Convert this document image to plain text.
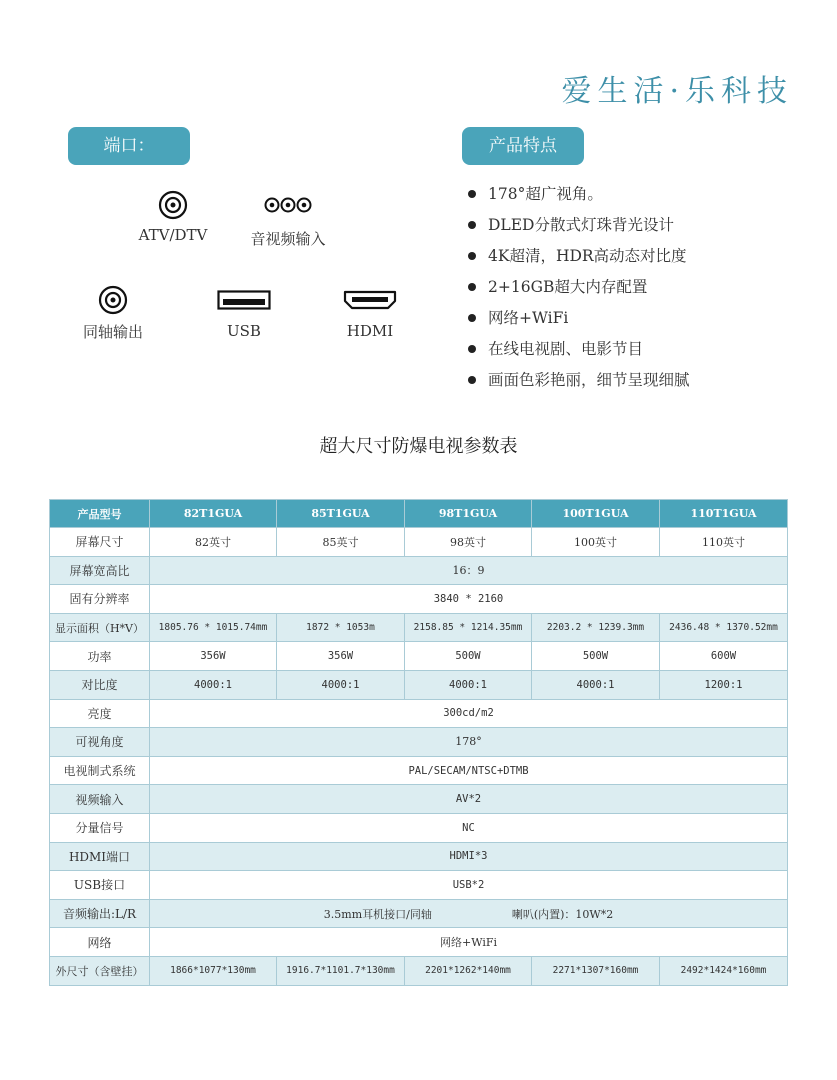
爱生活·乐科技
端口：	产品特点
ATV/DTV	音视频输入
同轴输出	USB	HDMI
178°超广视角。
DLED分散式灯珠背光设计
4K超清，HDR高动态对比度
2+16GB超大内存配置
网络+WiFi
在线电视剧、电影节目
画面色彩艳丽，细节呈现细腻
超大尺寸防爆电视参数表
产品型号	82T1GUA	85T1GUA	98T1GUA	100T1GUA	110T1GUA
屏幕尺寸	82英寸	85英寸	98英寸	100英寸	110英寸
屏幕宽高比	16：9				
固有分辨率	3840 * 2160				
显示面积（H*V）	1805.76 * 1015.74mm	1872 * 1053m	2158.85 * 1214.35mm	2203.2 * 1239.3mm	2436.48 * 1370.52mm
功率	356W	356W	500W	500W	600W
对比度	4000:1	4000:1	4000:1	4000:1	1200:1
亮度	300cd/m2				
可视角度	178°				
电视制式系统	PAL/SECAM/NTSC+DTMB				
视频输入	AV*2				
分量信号	NC				
HDMI端口	HDMI*3				
USB接口	USB*2				
音频输出:L/R	3.5mm耳机接口/同轴 喇叭(内置)：10W*2				
网络	网络+WiFi				
外尺寸（含壁挂）	1866*1077*130mm	1916.7*1101.7*130mm	2201*1262*140mm	2271*1307*160mm	2492*1424*160mm
